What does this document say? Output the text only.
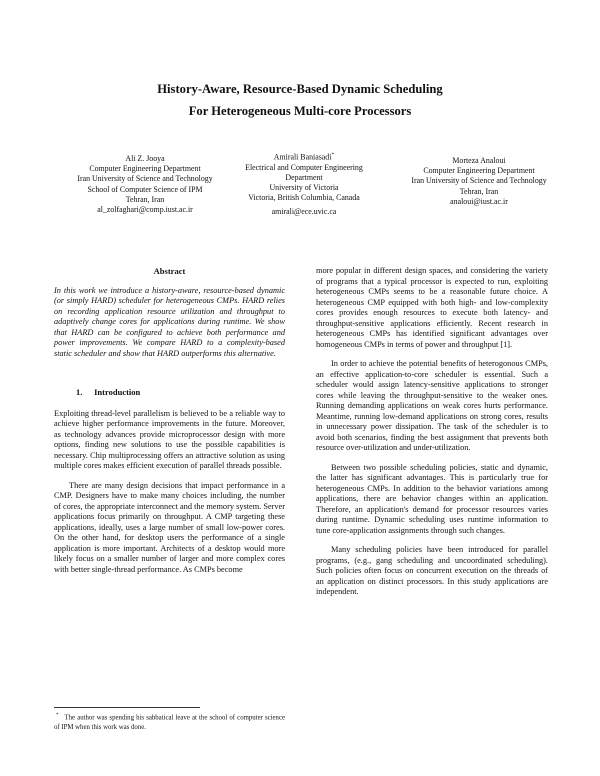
History-Aware, Resource-Based Dynamic Scheduling
For Heterogeneous Multi-core Processors
Ali Z. Jooya
Computer Engineering Department
Iran University of Science and Technology
School of Computer Science of IPM
Tehran, Iran
al_zolfaghari@comp.iust.ac.ir
Amirali Baniasadi*
Electrical and Computer Engineering
Department
University of Victoria
Victoria, British Columbia, Canada
amirali@ece.uvic.ca
Morteza Analoui
Computer Engineering Department
Iran University of Science and Technology
Tehran, Iran
analoui@iust.ac.ir
Abstract

In this work we introduce a history-aware, resource-based dynamic (or simply HARD) scheduler for heterogeneous CMPs. HARD relies on recording application resource utilization and throughput to adaptively change cores for applications during runtime. We show that HARD can be configured to achieve both performance and power improvements. We compare HARD to a complexity-based static scheduler and show that HARD outperforms this alternative.

1. Introduction

Exploiting thread-level parallelism is believed to be a reliable way to achieve higher performance improvements in the future. Moreover, as technology advances provide microprocessor design with more options, finding new solutions to use the possible capabilities is necessary. Chip multiprocessing offers an attractive solution as using multiple cores makes efficient execution of parallel threads possible.

There are many design decisions that impact performance in a CMP. Designers have to make many choices including, the number of cores, the appropriate interconnect and the memory system. Server applications focus primarily on throughput. A CMP targeting these applications, ideally, uses a large number of small low-power cores. On the other hand, for desktop users the performance of a single application is more important. Architects of a desktop would more likely focus on a smaller number of larger and more complex cores with better single-thread performance. As CMPs become

more popular in different design spaces, and considering the variety of programs that a typical processor is expected to run, exploiting heterogeneous CMPs seems to be a reasonable future choice. A heterogeneous CMP equipped with both high- and low-complexity cores provides enough resources to execute both latency- and throughput-sensitive applications efficiently. Recent research in heterogeneous CMPs has identified significant advantages over homogeneous CMPs in terms of power and throughput [1].

In order to achieve the potential benefits of heterogonous CMPs, an effective application-to-core scheduler is essential. Such a scheduler would assign latency-sensitive applications to stronger cores while leaving the throughput-sensitive to the weaker ones. Running demanding applications on weak cores hurts performance. Meantime, running low-demand applications on strong cores, results in unnecessary power dissipation. The task of the scheduler is to avoid both scenarios, finding the best assignment that prevents both resource over-utilization and under-utilization.

Between two possible scheduling policies, static and dynamic, the latter has significant advantages. This is particularly true for heterogeneous CMPs. In addition to the behavior variations among applications, there are behavior changes within an application. Therefore, an application's demand for processor resources varies during runtime. Dynamic scheduling uses runtime information to tune core-application assignments through such changes.

Many scheduling policies have been introduced for parallel programs, (e.g., gang scheduling and uncoordinated scheduling). Such policies often focus on concurrent execution on the threads of an application on distinct processors. In this study applications are independent.

* The author was spending his sabbatical leave at the school of computer science of IPM when this work was done.
